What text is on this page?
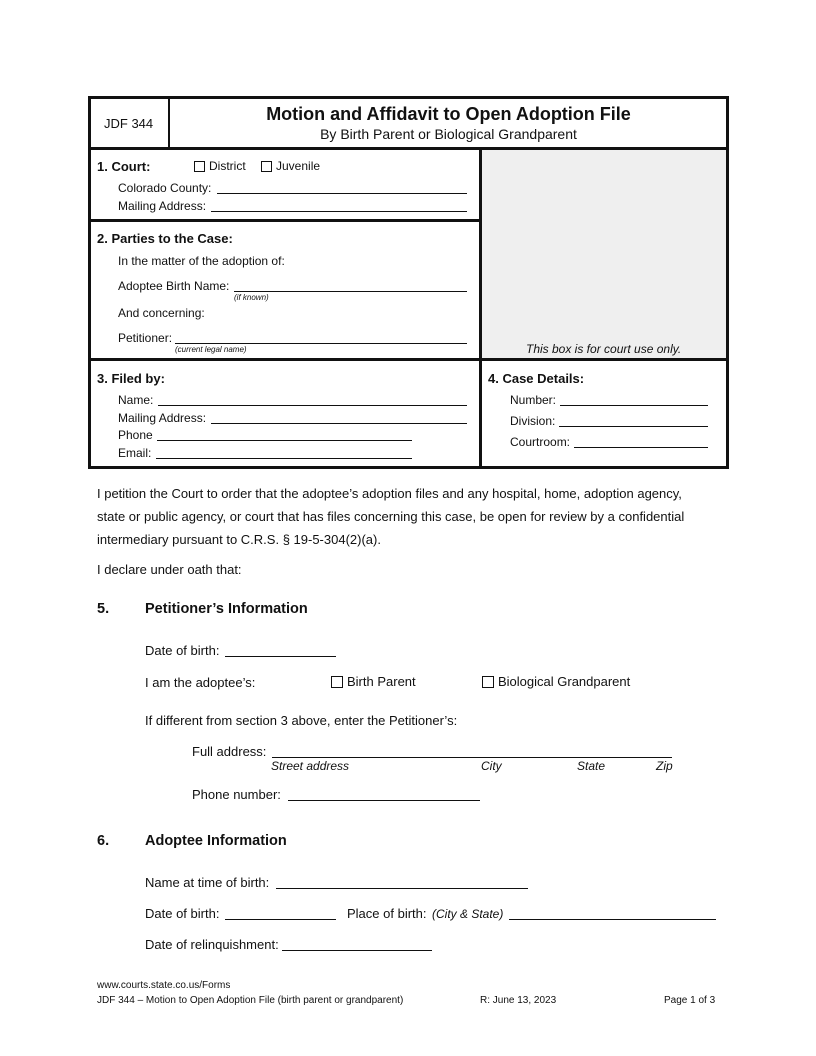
JDF 344	Motion and Affidavit to Open Adoption File
By Birth Parent or Biological Grandparent
This box is for court use only.
1. Court:	District	Juvenile
Colorado County:
Mailing Address:
2. Parties to the Case:
In the matter of the adoption of:
Adoptee Birth Name:
(if known)
And concerning:
Petitioner:
(current legal name)
3. Filed by:
Name:
Mailing Address:
Phone
Email:
4. Case Details:
Number:
Division:
Courtroom:
I petition the Court to order that the adoptee’s adoption files and any hospital, home, adoption agency,
state or public agency, or court that has files concerning this case, be open for review by a confidential
intermediary pursuant to C.R.S. § 19-5-304(2)(a).
I declare under oath that:
5. Petitioner’s Information
Date of birth:
I am the adoptee’s:	Birth Parent	Biological Grandparent
If different from section 3 above, enter the Petitioner’s:
Full address:
Street address	City	State	Zip
Phone number:
6. Adoptee Information
Name at time of birth:
Date of birth:	Place of birth: (City & State)
Date of relinquishment:
www.courts.state.co.us/Forms
JDF 344 – Motion to Open Adoption File (birth parent or grandparent)	R: June 13, 2023	Page 1 of 3
